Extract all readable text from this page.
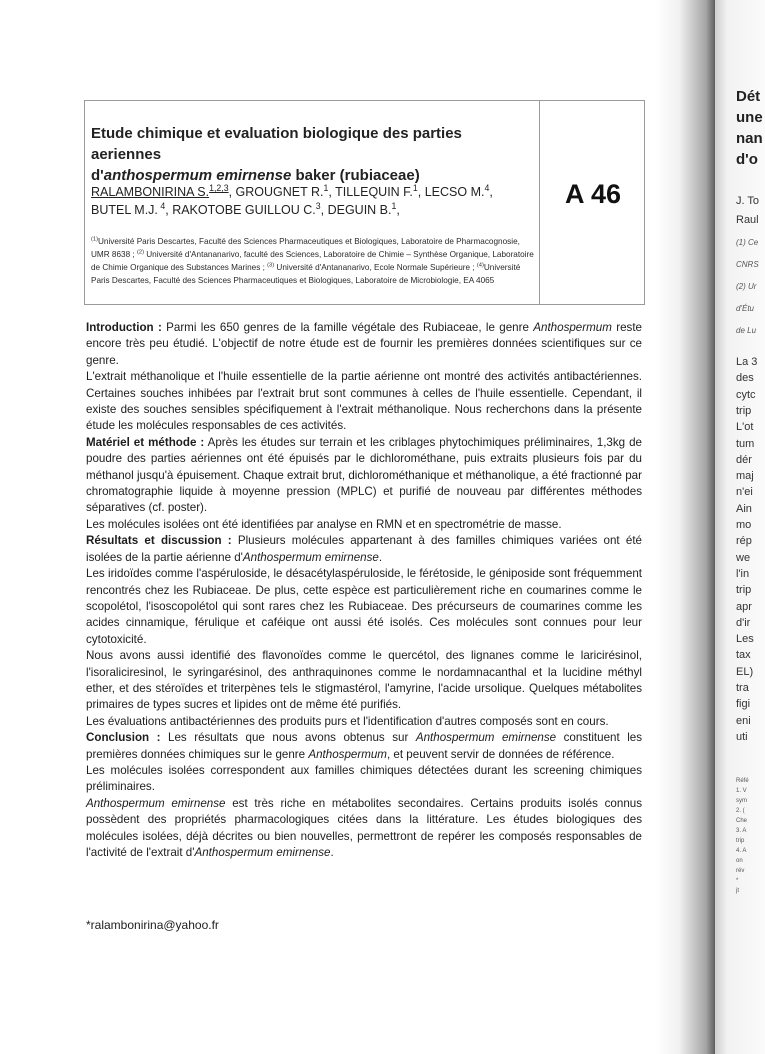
Dét
une
nan
d'o
J. To
Raul
(1) Ce
CNRS
(2) Ur
d'Étu
de Lu
La 3
des
cytc
trip
L'ot
tum
dér
maj
n'ei
Ain
mo
rép
we
l'in
trip
apr
d'ir
Les
tax
EL)
tra
figi
eni
uti
Réfé
1. V
sym
2. (
Che
3. A
trip
4. A
on
rév
*
jt
Etude chimique et evaluation biologique des parties aeriennes
d'anthospermum emirnense baker (rubiaceae)
RALAMBONIRINA S.$^{1,2,3}$, GROUGNET R.$^1$, TILLEQUIN F.$^1$, LECSO M.$^4$, BUTEL M.J. $^4$, RAKOTOBE GUILLOU C.$^3$, DEGUIN B.$^1$,
$^{(1)}$Université Paris Descartes, Faculté des Sciences Pharmaceutiques et Biologiques, Laboratoire de Pharmacognosie, UMR 8638 ; $^{(2)}$ Université d'Antananarivo, faculté des Sciences, Laboratoire de Chimie – Synthèse Organique, Laboratoire de Chimie Organique des Substances Marines ; $^{(3)}$ Université d'Antananarivo, Ecole Normale Supérieure ; $^{(4)}$Université Paris Descartes, Faculté des Sciences Pharmaceutiques et Biologiques, Laboratoire de Microbiologie, EA 4065
A 46

Introduction : Parmi les 650 genres de la famille végétale des Rubiaceae, le genre Anthospermum reste encore très peu étudié. L'objectif de notre étude est de fournir les premières données scientifiques sur ce genre.

L'extrait méthanolique et l'huile essentielle de la partie aérienne ont montré des activités antibactériennes. Certaines souches inhibées par l'extrait brut sont communes à celles de l'huile essentielle. Cependant, il existe des souches sensibles spécifiquement à l'extrait méthanolique. Nous recherchons dans la présente étude les molécules responsables de ces activités.

Matériel et méthode : Après les études sur terrain et les criblages phytochimiques préliminaires, 1,3kg de poudre des parties aériennes ont été épuisés par le dichlorométhane, puis extraits plusieurs fois par du méthanol jusqu'à épuisement. Chaque extrait brut, dichlorométhanique et méthanolique, a été fractionné par chromatographie liquide à moyenne pression (MPLC) et purifié de nouveau par différentes méthodes séparatives (cf. poster).

Les molécules isolées ont été identifiées par analyse en RMN et en spectrométrie de masse.

Résultats et discussion : Plusieurs molécules appartenant à des familles chimiques variées ont été isolées de la partie aérienne d'Anthospermum emirnense.

Les iridoïdes comme l'aspéruloside, le désacétylaspéruloside, le férétoside, le géniposide sont fréquemment rencontrés chez les Rubiaceae. De plus, cette espèce est particulièrement riche en coumarines comme le scopolétol, l'isoscopolétol qui sont rares chez les Rubiaceae. Des précurseurs de coumarines comme les acides cinnamique, férulique et caféique ont aussi été isolés. Ces molécules sont connues pour leur cytotoxicité.

Nous avons aussi identifié des flavonoïdes comme le quercétol, des lignanes comme le laricirésinol, l'isoraliciresinol, le syringarésinol, des anthraquinones comme le nordamnacanthal et la lucidine méthyl ether, et des stéroïdes et triterpènes tels le stigmastérol, l'amyrine, l'acide ursolique. Quelques métabolites primaires de types sucres et lipides ont de même été purifiés.

Les évaluations antibactériennes des produits purs et l'identification d'autres composés sont en cours.

Conclusion : Les résultats que nous avons obtenus sur Anthospermum emirnense constituent les premières données chimiques sur le genre Anthospermum, et peuvent servir de données de référence.

Les molécules isolées correspondent aux familles chimiques détectées durant les screening chimiques préliminaires.

Anthospermum emirnense est très riche en métabolites secondaires. Certains produits isolés connus possèdent des propriétés pharmacologiques citées dans la littérature. Les études biologiques des molécules isolées, déjà décrites ou bien nouvelles, permettront de repérer les composés responsables de l'activité de l'extrait d'Anthospermum emirnense.

*ralambonirina@yahoo.fr
